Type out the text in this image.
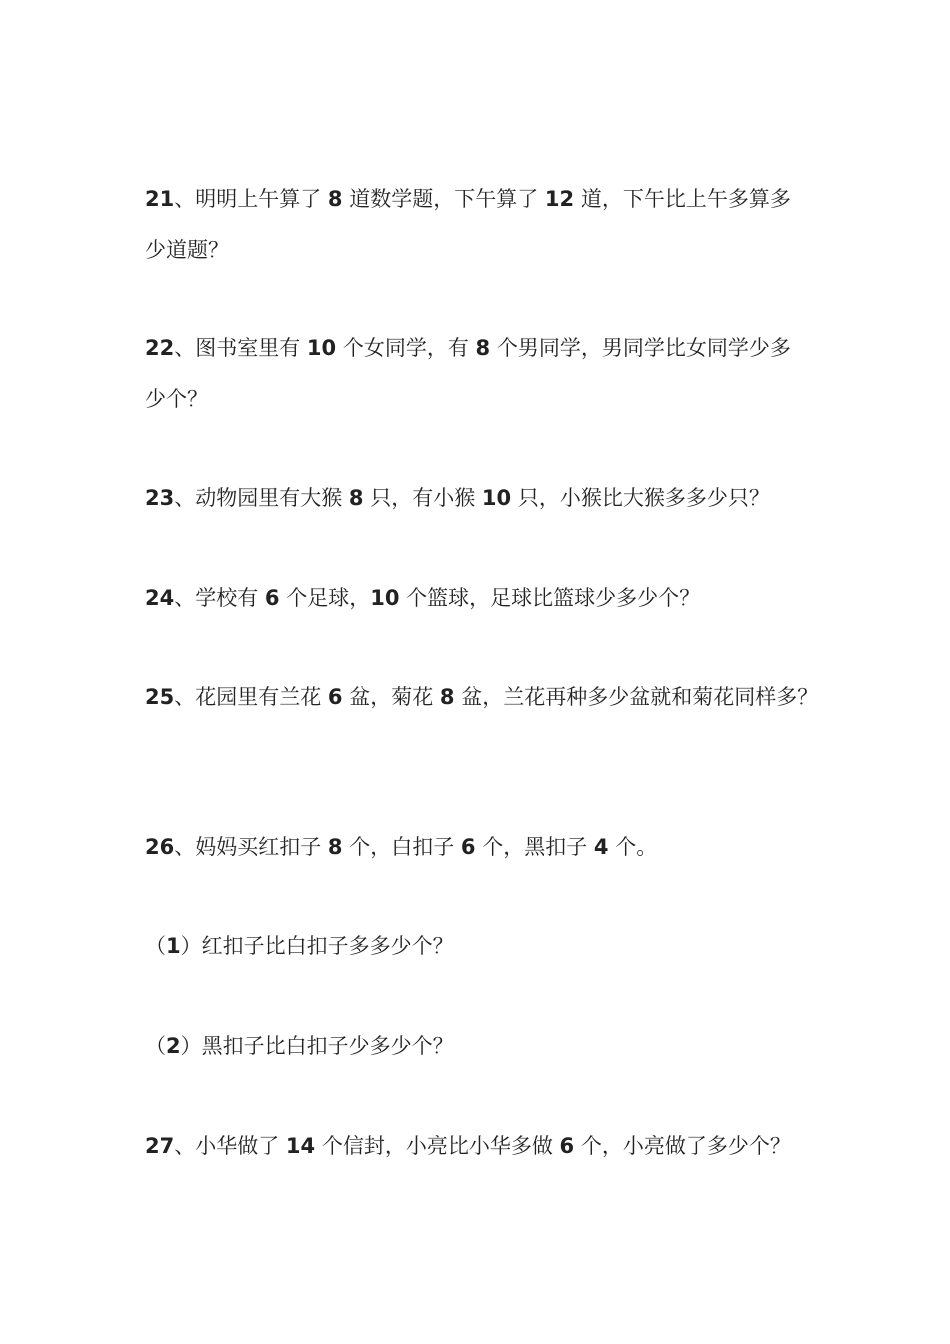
21、明明上午算了 8 道数学题，下午算了 12 道，下午比上午多算多
少道题？
22、图书室里有 10 个女同学，有 8 个男同学，男同学比女同学少多
少个？
23、动物园里有大猴 8 只，有小猴 10 只，小猴比大猴多多少只？
24、学校有 6 个足球，10 个篮球，足球比篮球少多少个？
25、花园里有兰花 6 盆，菊花 8 盆，兰花再种多少盆就和菊花同样多？
26、妈妈买红扣子 8 个，白扣子 6 个，黑扣子 4 个。
（1）红扣子比白扣子多多少个？
（2）黑扣子比白扣子少多少个？
27、小华做了 14 个信封，小亮比小华多做 6 个，小亮做了多少个？
